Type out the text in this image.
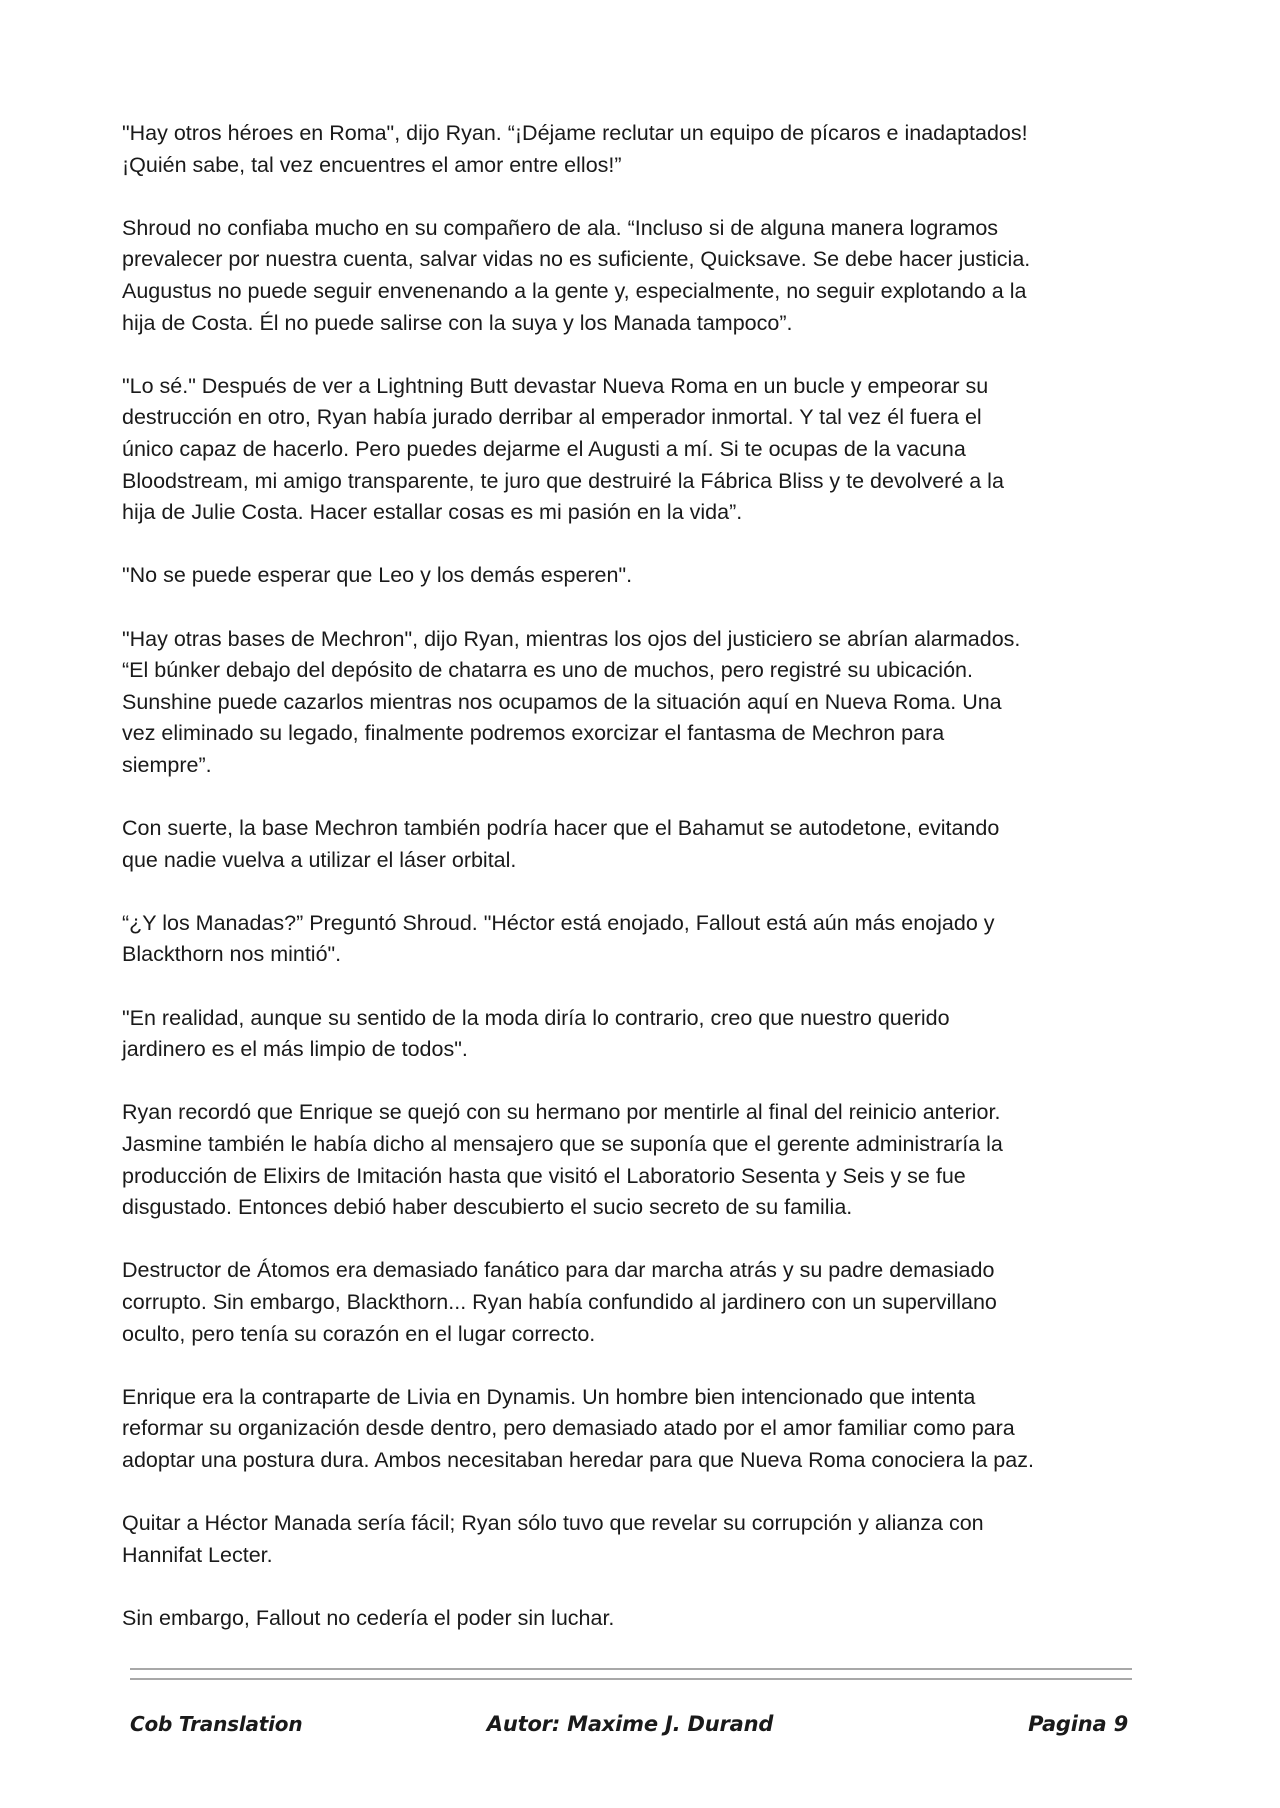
"Hay otros héroes en Roma", dijo Ryan. “¡Déjame reclutar un equipo de pícaros e inadaptados!
¡Quién sabe, tal vez encuentres el amor entre ellos!”

Shroud no confiaba mucho en su compañero de ala. “Incluso si de alguna manera logramos
prevalecer por nuestra cuenta, salvar vidas no es suficiente, Quicksave. Se debe hacer justicia.
Augustus no puede seguir envenenando a la gente y, especialmente, no seguir explotando a la
hija de Costa. Él no puede salirse con la suya y los Manada tampoco”.

"Lo sé." Después de ver a Lightning Butt devastar Nueva Roma en un bucle y empeorar su
destrucción en otro, Ryan había jurado derribar al emperador inmortal. Y tal vez él fuera el
único capaz de hacerlo. Pero puedes dejarme el Augusti a mí. Si te ocupas de la vacuna
Bloodstream, mi amigo transparente, te juro que destruiré la Fábrica Bliss y te devolveré a la
hija de Julie Costa. Hacer estallar cosas es mi pasión en la vida”.

"No se puede esperar que Leo y los demás esperen".

"Hay otras bases de Mechron", dijo Ryan, mientras los ojos del justiciero se abrían alarmados.
“El búnker debajo del depósito de chatarra es uno de muchos, pero registré su ubicación.
Sunshine puede cazarlos mientras nos ocupamos de la situación aquí en Nueva Roma. Una
vez eliminado su legado, finalmente podremos exorcizar el fantasma de Mechron para
siempre”.

Con suerte, la base Mechron también podría hacer que el Bahamut se autodetone, evitando
que nadie vuelva a utilizar el láser orbital.

“¿Y los Manadas?” Preguntó Shroud. "Héctor está enojado, Fallout está aún más enojado y
Blackthorn nos mintió".

"En realidad, aunque su sentido de la moda diría lo contrario, creo que nuestro querido
jardinero es el más limpio de todos".

Ryan recordó que Enrique se quejó con su hermano por mentirle al final del reinicio anterior.
Jasmine también le había dicho al mensajero que se suponía que el gerente administraría la
producción de Elixirs de Imitación hasta que visitó el Laboratorio Sesenta y Seis y se fue
disgustado. Entonces debió haber descubierto el sucio secreto de su familia.

Destructor de Átomos era demasiado fanático para dar marcha atrás y su padre demasiado
corrupto. Sin embargo, Blackthorn... Ryan había confundido al jardinero con un supervillano
oculto, pero tenía su corazón en el lugar correcto.

Enrique era la contraparte de Livia en Dynamis. Un hombre bien intencionado que intenta
reformar su organización desde dentro, pero demasiado atado por el amor familiar como para
adoptar una postura dura. Ambos necesitaban heredar para que Nueva Roma conociera la paz.

Quitar a Héctor Manada sería fácil; Ryan sólo tuvo que revelar su corrupción y alianza con
Hannifat Lecter.

Sin embargo, Fallout no cedería el poder sin luchar.

Cob Translation	Autor: Maxime J. Durand	Pagina 9
